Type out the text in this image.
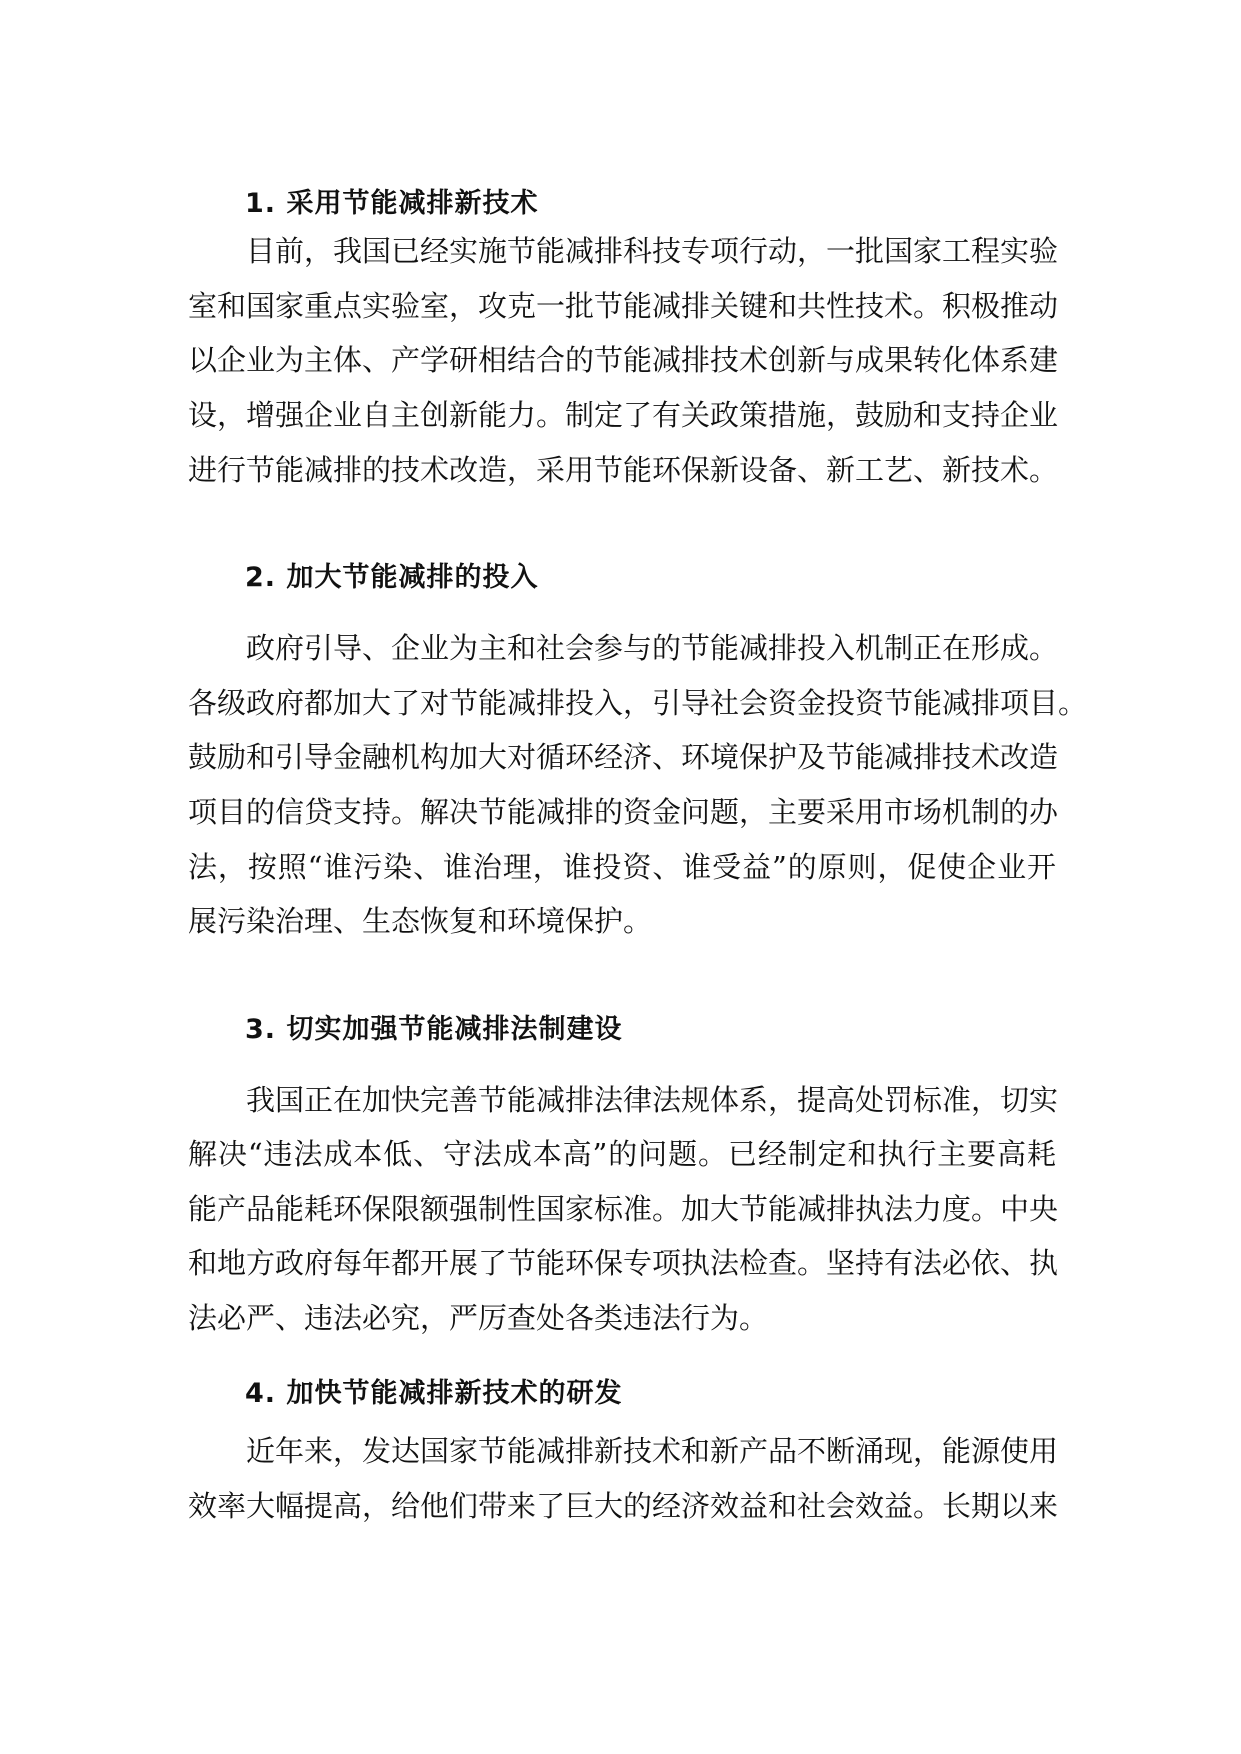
1. 采用节能减排新技术
目前，我国已经实施节能减排科技专项行动，一批国家工程实验
室和国家重点实验室，攻克一批节能减排关键和共性技术。积极推动
以企业为主体、产学研相结合的节能减排技术创新与成果转化体系建
设，增强企业自主创新能力。制定了有关政策措施，鼓励和支持企业
进行节能减排的技术改造，采用节能环保新设备、新工艺、新技术。
2. 加大节能减排的投入
政府引导、企业为主和社会参与的节能减排投入机制正在形成。
各级政府都加大了对节能减排投入，引导社会资金投资节能减排项目。
鼓励和引导金融机构加大对循环经济、环境保护及节能减排技术改造
项目的信贷支持。解决节能减排的资金问题，主要采用市场机制的办
法，按照“谁污染、谁治理，谁投资、谁受益”的原则，促使企业开
展污染治理、生态恢复和环境保护。
3. 切实加强节能减排法制建设
我国正在加快完善节能减排法律法规体系，提高处罚标准，切实
解决“违法成本低、守法成本高”的问题。已经制定和执行主要高耗
能产品能耗环保限额强制性国家标准。加大节能减排执法力度。中央
和地方政府每年都开展了节能环保专项执法检查。坚持有法必依、执
法必严、违法必究，严厉查处各类违法行为。
4. 加快节能减排新技术的研发
近年来，发达国家节能减排新技术和新产品不断涌现，能源使用
效率大幅提高，给他们带来了巨大的经济效益和社会效益。长期以来
